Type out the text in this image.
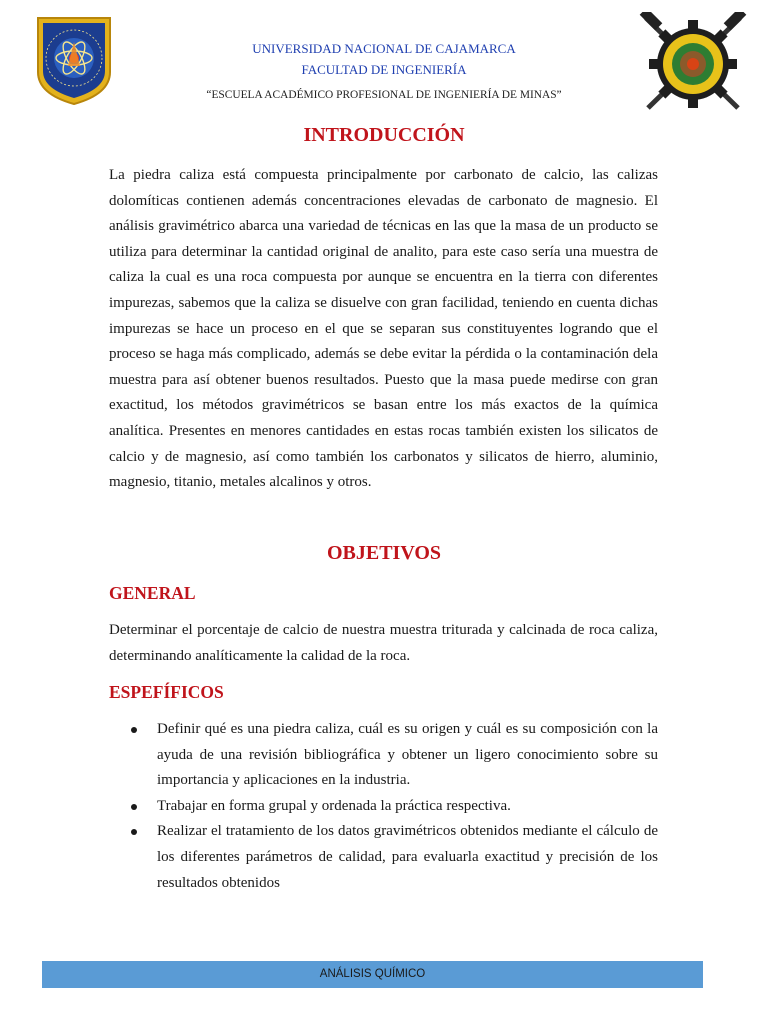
UNIVERSIDAD NACIONAL DE CAJAMARCA
FACULTAD DE INGENIERÍA
“ESCUELA ACADÉMICO PROFESIONAL DE INGENIERÍA DE MINAS”
INTRODUCCIÓN

La piedra caliza está compuesta principalmente por carbonato de calcio, las calizas dolomíticas contienen además concentraciones elevadas de carbonato de magnesio. El análisis gravimétrico abarca una variedad de técnicas en las que la masa de un producto se utiliza para determinar la cantidad original de analito, para este caso sería una muestra de caliza la cual es una roca compuesta por aunque se encuentra en la tierra con diferentes impurezas, sabemos que la caliza se disuelve con gran facilidad, teniendo en cuenta dichas impurezas se hace un proceso en el que se separan sus constituyentes logrando que el proceso se haga más complicado, además se debe evitar la pérdida o la contaminación dela muestra para así obtener buenos resultados. Puesto que la masa puede medirse con gran exactitud, los métodos gravimétricos se basan entre los más exactos de la química analítica. Presentes en menores cantidades en estas rocas también existen los silicatos de calcio y de magnesio, así como también los carbonatos y silicatos de hierro, aluminio, magnesio, titanio, metales alcalinos y otros.

OBJETIVOS
GENERAL

Determinar el porcentaje de calcio de nuestra muestra triturada y calcinada de roca caliza, determinando analíticamente la calidad de la roca.

ESPEFÍFICOS
Definir qué es una piedra caliza, cuál es su origen y cuál es su composición con la ayuda de una revisión bibliográfica y obtener un ligero conocimiento sobre su importancia y aplicaciones en la industria.
Trabajar en forma grupal y ordenada la práctica respectiva.
Realizar el tratamiento de los datos gravimétricos obtenidos mediante el cálculo de los diferentes parámetros de calidad, para evaluarla exactitud y precisión de los resultados obtenidos
ANÁLISIS QUÍMICO
